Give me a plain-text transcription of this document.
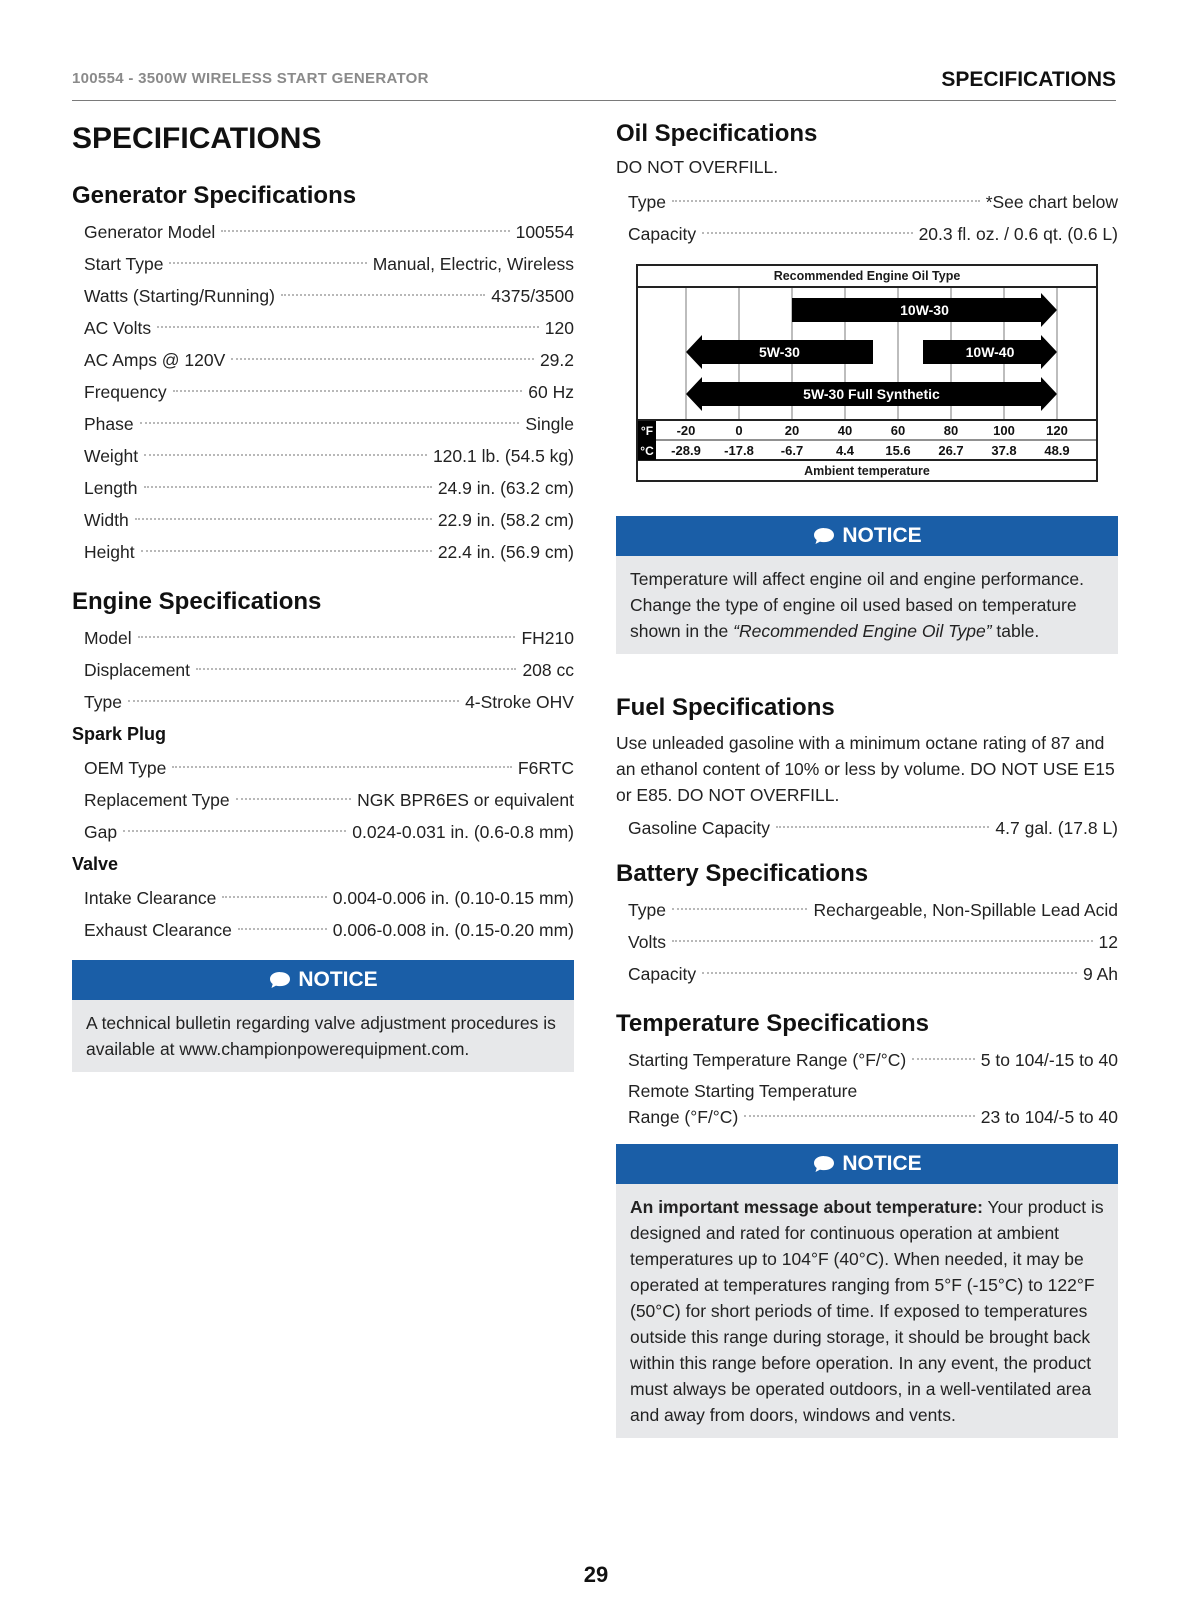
100554 - 3500W WIRELESS START GENERATOR	SPECIFICATIONS
SPECIFICATIONS
Generator Specifications
Generator Model	100554
Start Type	Manual, Electric, Wireless
Watts (Starting/Running)	4375/3500
AC Volts	120
AC Amps @ 120V	29.2
Frequency	60 Hz
Phase	Single
Weight	120.1 lb. (54.5 kg)
Length	24.9 in. (63.2 cm)
Width	22.9 in. (58.2 cm)
Height	22.4 in. (56.9 cm)
Engine Specifications
Model	FH210
Displacement	208 cc
Type	4-Stroke OHV
Spark Plug
OEM Type	F6RTC
Replacement Type	NGK BPR6ES or equivalent
Gap	0.024-0.031 in. (0.6-0.8 mm)
Valve
Intake Clearance	0.004-0.006 in. (0.10-0.15 mm)
Exhaust Clearance	0.006-0.008 in. (0.15-0.20 mm)
NOTICE
A technical bulletin regarding valve adjustment procedures is available at www.championpowerequipment.com.
Oil Specifications
DO NOT OVERFILL.
Type	*See chart below
Capacity	20.3 fl. oz. / 0.6 qt. (0.6 L)
Recommended Engine Oil Type
10W-30
5W-30	10W-40
5W-30 Full Synthetic
°F
°C
-20	0	20	40	60	80	100 120
-28.9 -17.8 -6.7	4.4 15.6 26.7 37.8 48.9
Ambient temperature
NOTICE
Temperature will affect engine oil and engine performance. Change the type of engine oil used based on temperature shown in the “Recommended Engine Oil Type” table.
Fuel Specifications
Use unleaded gasoline with a minimum octane rating of 87 and an ethanol content of 10% or less by volume. DO NOT USE E15 or E85. DO NOT OVERFILL.
Gasoline Capacity	4.7 gal. (17.8 L)
Battery Specifications
Type	Rechargeable, Non-Spillable Lead Acid
Volts	12
Capacity	9 Ah
Temperature Specifications
Starting Temperature Range (°F/°C)	5 to 104/-15 to 40
Remote Starting Temperature
Range (°F/°C)	23 to 104/-5 to 40
NOTICE
An important message about temperature: Your product is designed and rated for continuous operation at ambient temperatures up to 104°F (40°C). When needed, it may be operated at temperatures ranging from 5°F (-15°C) to 122°F (50°C) for short periods of time. If exposed to temperatures outside this range during storage, it should be brought back within this range before operation. In any event, the product must always be operated outdoors, in a well-ventilated area and away from doors, windows and vents.
29
